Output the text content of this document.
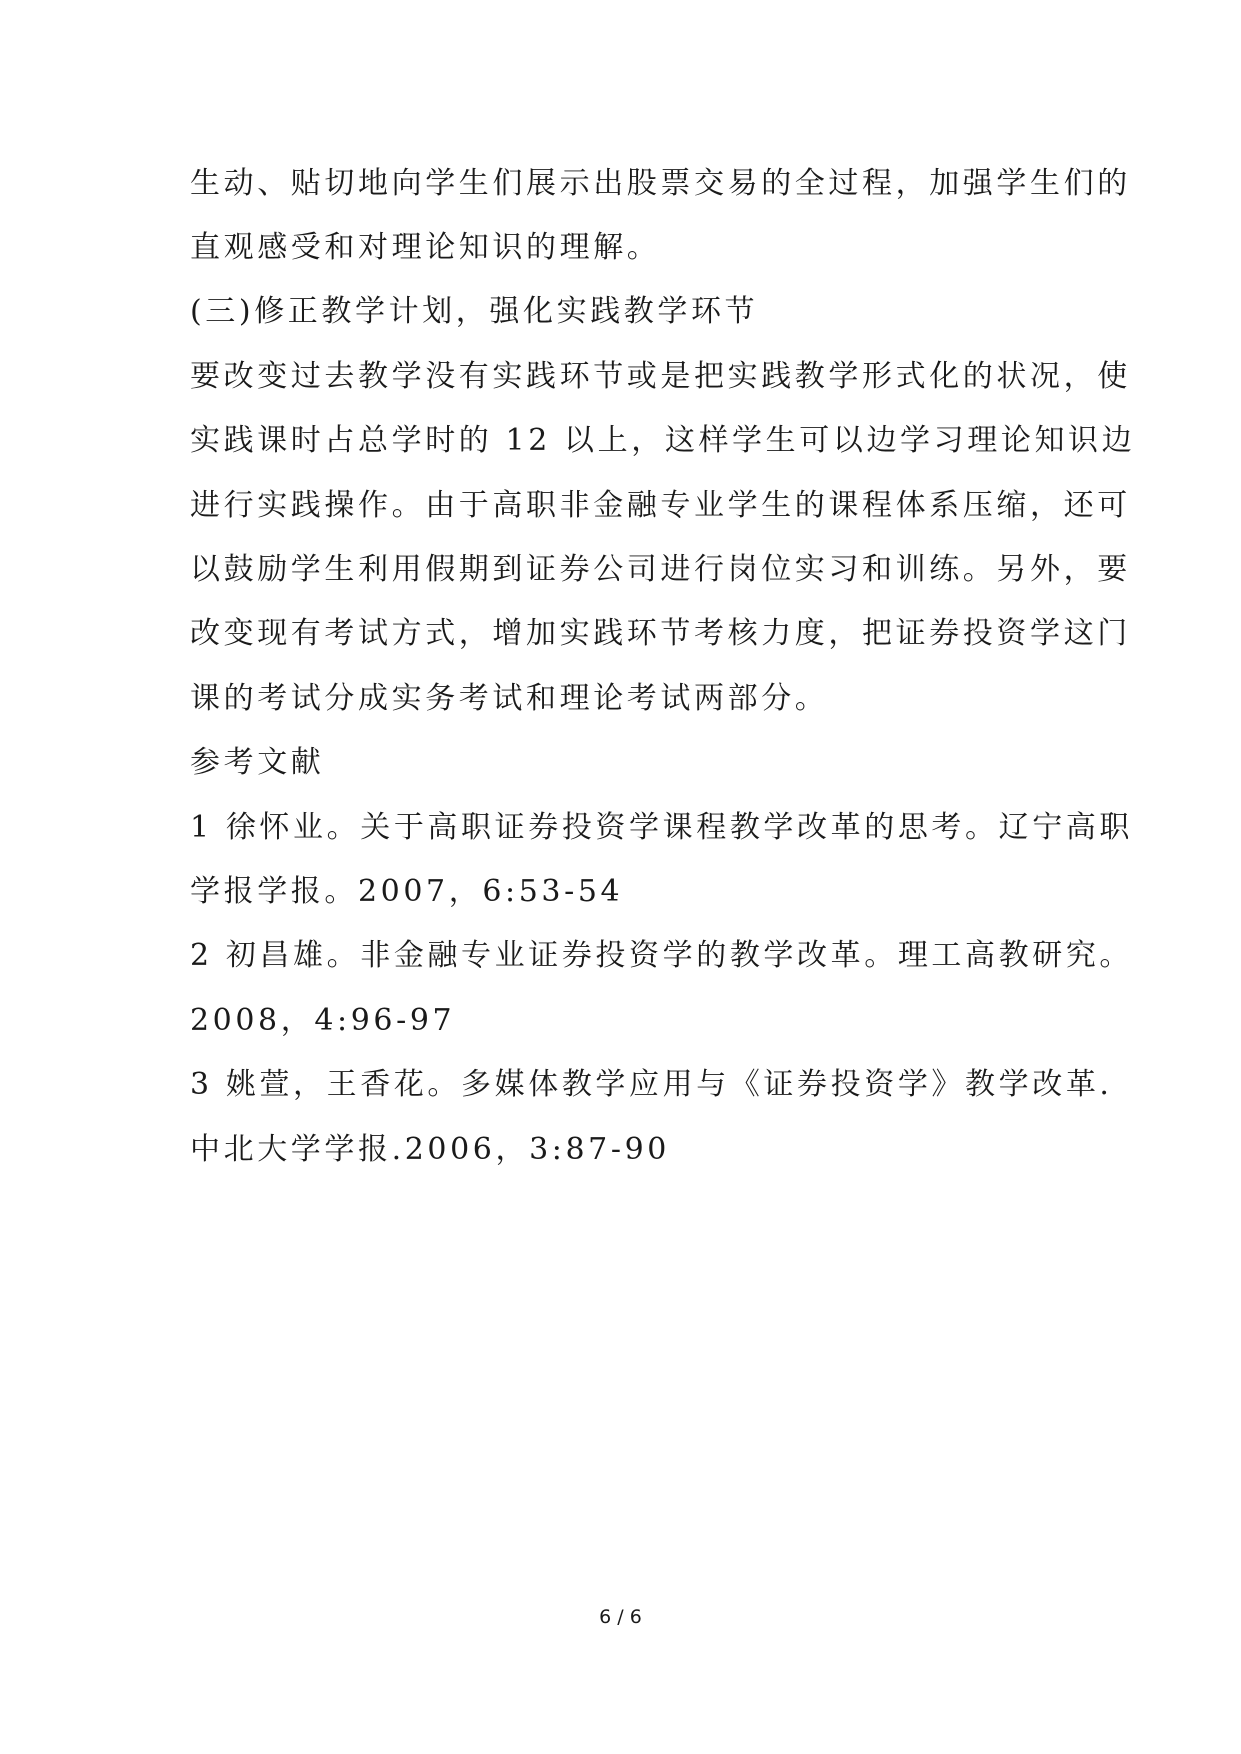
生动、贴切地向学生们展示出股票交易的全过程，加强学生们的
直观感受和对理论知识的理解。
(三)修正教学计划，强化实践教学环节
要改变过去教学没有实践环节或是把实践教学形式化的状况，使
实践课时占总学时的 12 以上，这样学生可以边学习理论知识边
进行实践操作。由于高职非金融专业学生的课程体系压缩，还可
以鼓励学生利用假期到证券公司进行岗位实习和训练。另外，要
改变现有考试方式，增加实践环节考核力度，把证券投资学这门
课的考试分成实务考试和理论考试两部分。
参考文献
1 徐怀业。关于高职证券投资学课程教学改革的思考。辽宁高职
学报学报。2007，6:53-54
2 初昌雄。非金融专业证券投资学的教学改革。理工高教研究。
2008，4:96-97
3 姚萱，王香花。多媒体教学应用与《证券投资学》教学改革.
中北大学学报.2006，3:87-90
6 / 6
